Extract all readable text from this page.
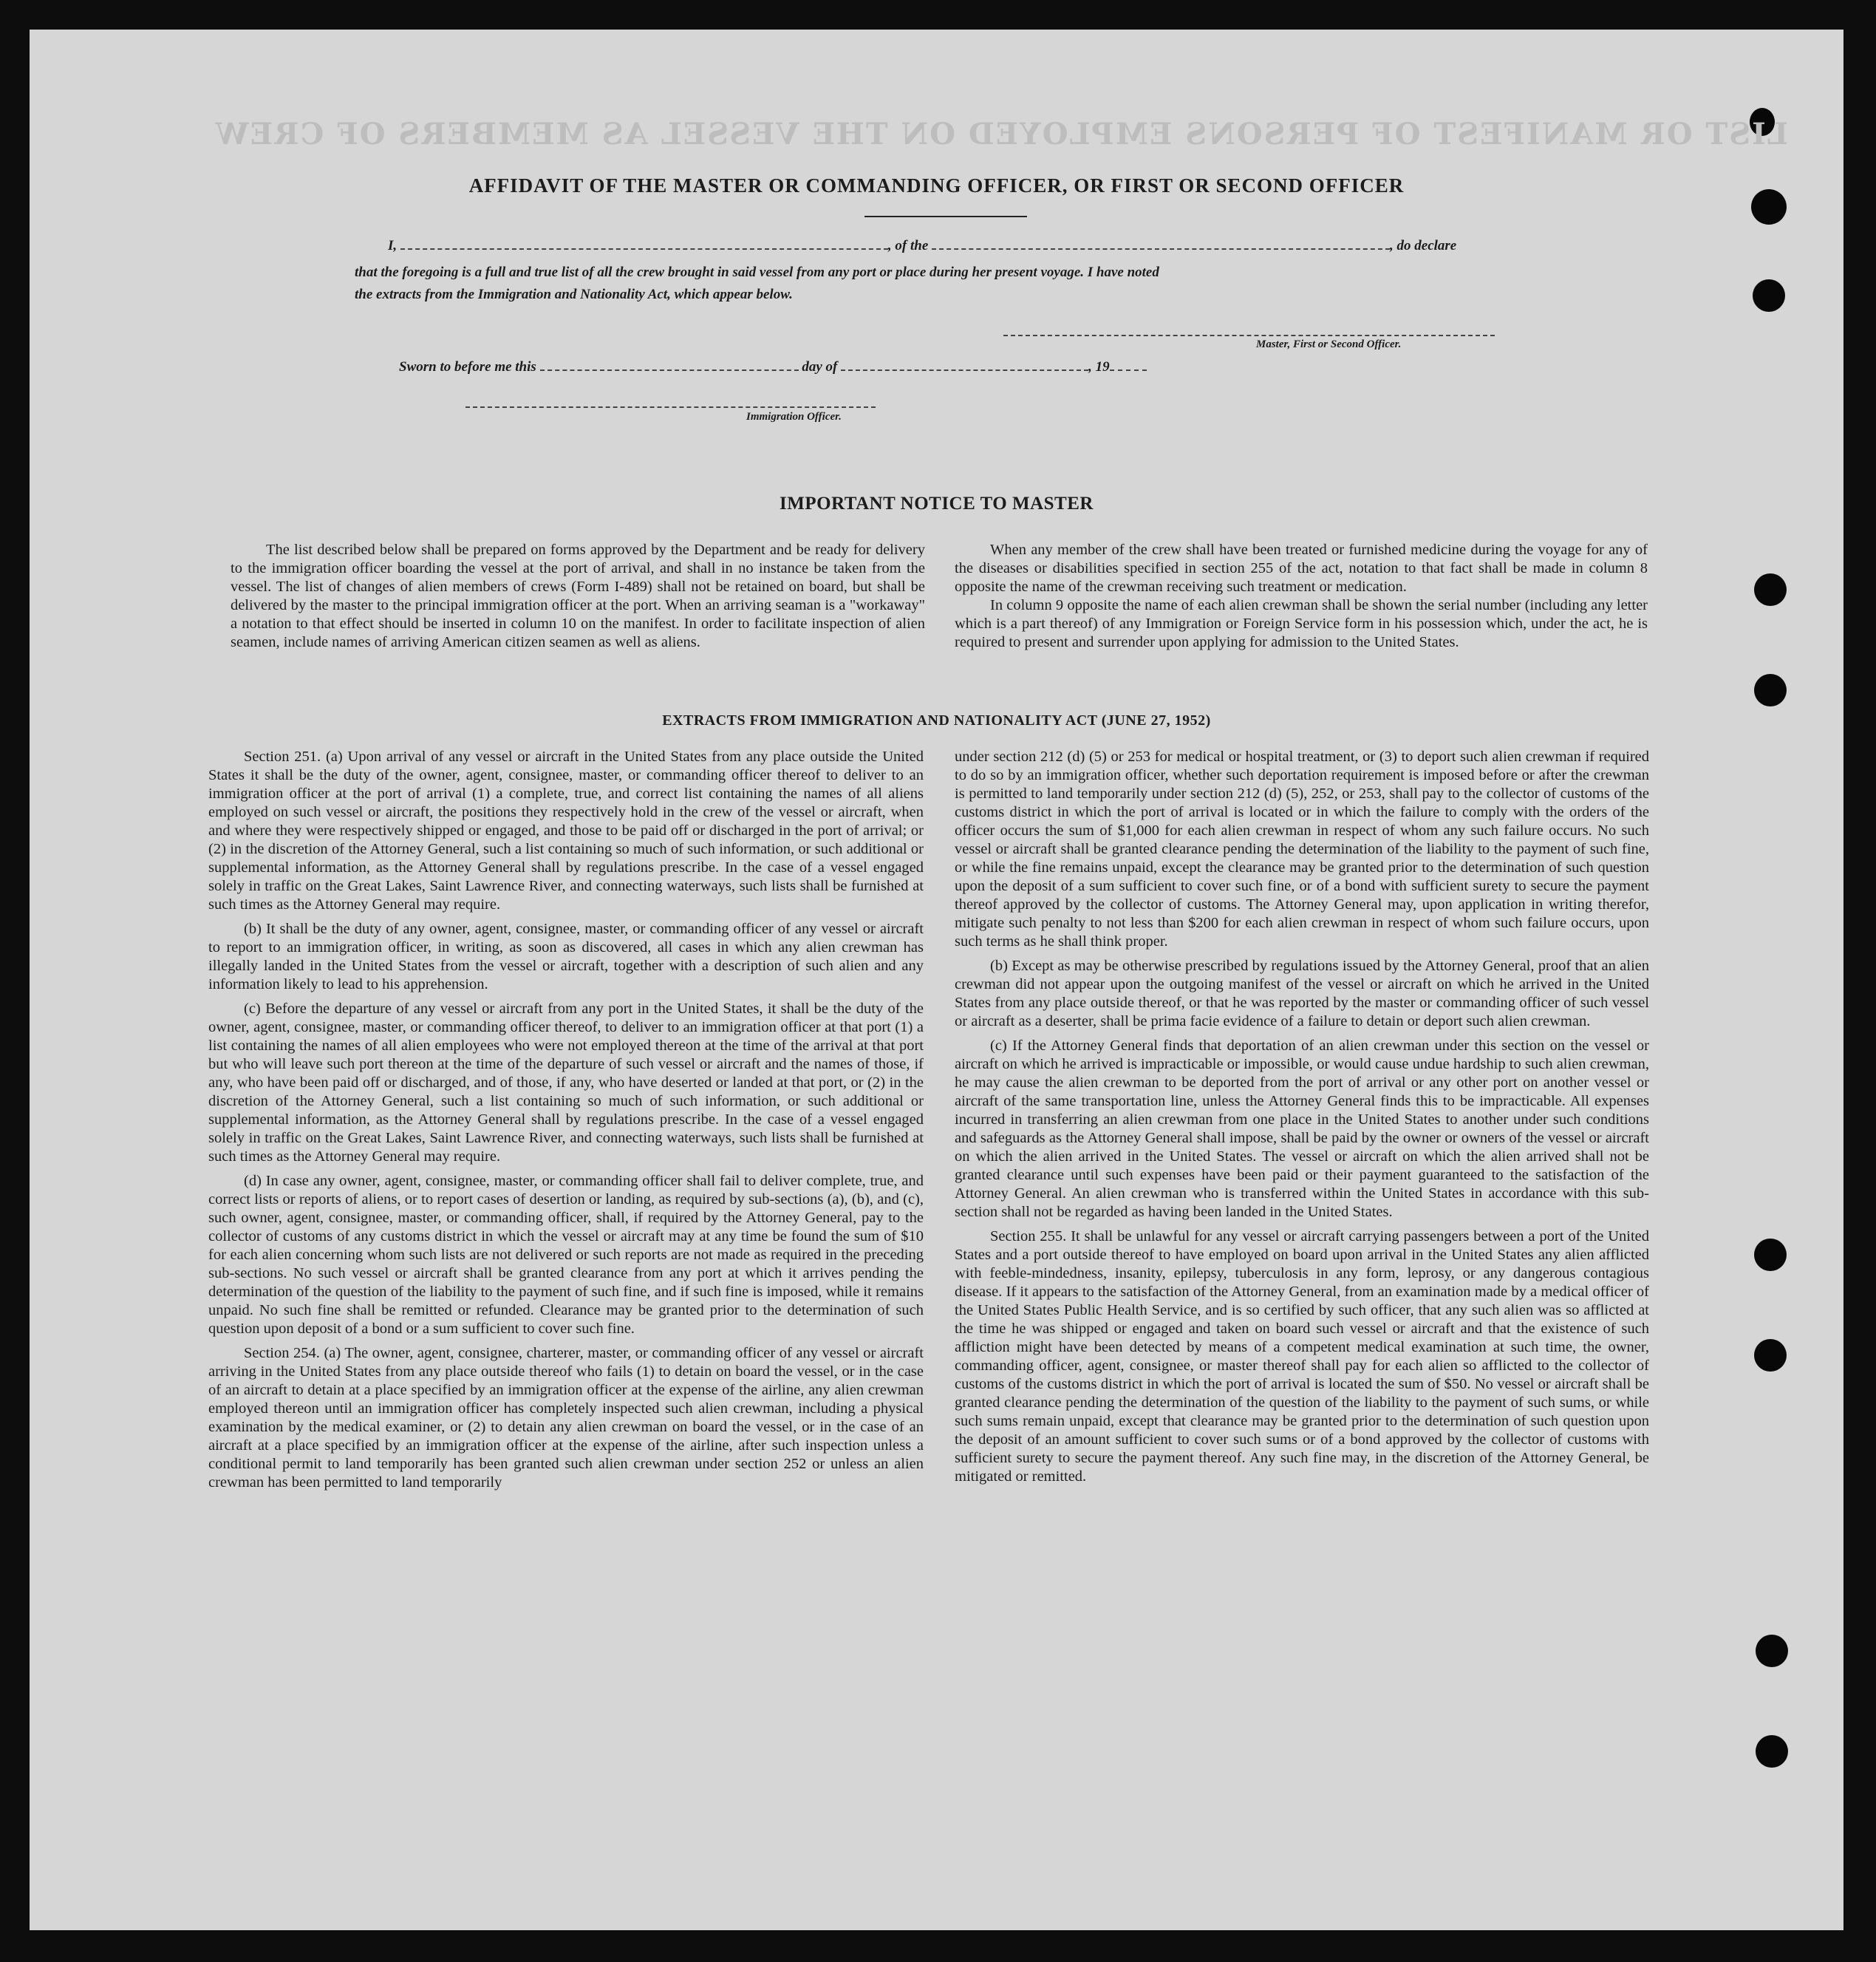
LIST OR MANIFEST OF PERSONS EMPLOYED ON THE VESSEL AS MEMBERS OF CREW
AFFIDAVIT OF THE MASTER OR COMMANDING OFFICER, OR FIRST OR SECOND OFFICER
I,	, of the	, do declare
that the foregoing is a full and true list of all the crew brought in said vessel from any port or place during her present voyage. I have noted
the extracts from the Immigration and Nationality Act, which appear below.
Master, First or Second Officer.
Sworn to before me this	day of	, 19
Immigration Officer.
IMPORTANT NOTICE TO MASTER

The list described below shall be prepared on forms approved by the Department and be ready for delivery to the immigration officer boarding the vessel at the port of arrival, and shall in no instance be taken from the vessel. The list of changes of alien members of crews (Form I-489) shall not be retained on board, but shall be delivered by the master to the principal immigration officer at the port. When an arriving seaman is a "workaway" a notation to that effect should be inserted in column 10 on the manifest. In order to facilitate inspection of alien seamen, include names of arriving American citizen seamen as well as aliens.

When any member of the crew shall have been treated or furnished medicine during the voyage for any of the diseases or disabilities specified in section 255 of the act, notation to that fact shall be made in column 8 opposite the name of the crewman receiving such treatment or medication.

In column 9 opposite the name of each alien crewman shall be shown the serial number (including any letter which is a part thereof) of any Immigration or Foreign Service form in his possession which, under the act, he is required to present and surrender upon applying for admission to the United States.

EXTRACTS FROM IMMIGRATION AND NATIONALITY ACT (JUNE 27, 1952)

Section 251. (a) Upon arrival of any vessel or aircraft in the United States from any place outside the United States it shall be the duty of the owner, agent, consignee, master, or commanding officer thereof to deliver to an immigration officer at the port of arrival (1) a complete, true, and correct list containing the names of all aliens employed on such vessel or aircraft, the positions they respectively hold in the crew of the vessel or aircraft, when and where they were respectively shipped or engaged, and those to be paid off or discharged in the port of arrival; or (2) in the discretion of the Attorney General, such a list containing so much of such information, or such additional or supplemental information, as the Attorney General shall by regulations prescribe. In the case of a vessel engaged solely in traffic on the Great Lakes, Saint Lawrence River, and connecting waterways, such lists shall be furnished at such times as the Attorney General may require.

(b) It shall be the duty of any owner, agent, consignee, master, or commanding officer of any vessel or aircraft to report to an immigration officer, in writing, as soon as discovered, all cases in which any alien crewman has illegally landed in the United States from the vessel or aircraft, together with a description of such alien and any information likely to lead to his apprehension.

(c) Before the departure of any vessel or aircraft from any port in the United States, it shall be the duty of the owner, agent, consignee, master, or commanding officer thereof, to deliver to an immigration officer at that port (1) a list containing the names of all alien employees who were not employed thereon at the time of the arrival at that port but who will leave such port thereon at the time of the departure of such vessel or aircraft and the names of those, if any, who have been paid off or discharged, and of those, if any, who have deserted or landed at that port, or (2) in the discretion of the Attorney General, such a list containing so much of such information, or such additional or supplemental information, as the Attorney General shall by regulations prescribe. In the case of a vessel engaged solely in traffic on the Great Lakes, Saint Lawrence River, and connecting waterways, such lists shall be furnished at such times as the Attorney General may require.

(d) In case any owner, agent, consignee, master, or commanding officer shall fail to deliver complete, true, and correct lists or reports of aliens, or to report cases of desertion or landing, as required by sub-sections (a), (b), and (c), such owner, agent, consignee, master, or commanding officer, shall, if required by the Attorney General, pay to the collector of customs of any customs district in which the vessel or aircraft may at any time be found the sum of $10 for each alien concerning whom such lists are not delivered or such reports are not made as required in the preceding sub-sections. No such vessel or aircraft shall be granted clearance from any port at which it arrives pending the determination of the question of the liability to the payment of such fine, and if such fine is imposed, while it remains unpaid. No such fine shall be remitted or refunded. Clearance may be granted prior to the determination of such question upon deposit of a bond or a sum sufficient to cover such fine.

Section 254. (a) The owner, agent, consignee, charterer, master, or commanding officer of any vessel or aircraft arriving in the United States from any place outside thereof who fails (1) to detain on board the vessel, or in the case of an aircraft to detain at a place specified by an immigration officer at the expense of the airline, any alien crewman employed thereon until an immigration officer has completely inspected such alien crewman, including a physical examination by the medical examiner, or (2) to detain any alien crewman on board the vessel, or in the case of an aircraft at a place specified by an immigration officer at the expense of the airline, after such inspection unless a conditional permit to land temporarily has been granted such alien crewman under section 252 or unless an alien crewman has been permitted to land temporarily

under section 212 (d) (5) or 253 for medical or hospital treatment, or (3) to deport such alien crewman if required to do so by an immigration officer, whether such deportation requirement is imposed before or after the crewman is permitted to land temporarily under section 212 (d) (5), 252, or 253, shall pay to the collector of customs of the customs district in which the port of arrival is located or in which the failure to comply with the orders of the officer occurs the sum of $1,000 for each alien crewman in respect of whom any such failure occurs. No such vessel or aircraft shall be granted clearance pending the determination of the liability to the payment of such fine, or while the fine remains unpaid, except the clearance may be granted prior to the determination of such question upon the deposit of a sum sufficient to cover such fine, or of a bond with sufficient surety to secure the payment thereof approved by the collector of customs. The Attorney General may, upon application in writing therefor, mitigate such penalty to not less than $200 for each alien crewman in respect of whom such failure occurs, upon such terms as he shall think proper.

(b) Except as may be otherwise prescribed by regulations issued by the Attorney General, proof that an alien crewman did not appear upon the outgoing manifest of the vessel or aircraft on which he arrived in the United States from any place outside thereof, or that he was reported by the master or commanding officer of such vessel or aircraft as a deserter, shall be prima facie evidence of a failure to detain or deport such alien crewman.

(c) If the Attorney General finds that deportation of an alien crewman under this section on the vessel or aircraft on which he arrived is impracticable or impossible, or would cause undue hardship to such alien crewman, he may cause the alien crewman to be deported from the port of arrival or any other port on another vessel or aircraft of the same transportation line, unless the Attorney General finds this to be impracticable. All expenses incurred in transferring an alien crewman from one place in the United States to another under such conditions and safeguards as the Attorney General shall impose, shall be paid by the owner or owners of the vessel or aircraft on which the alien arrived in the United States. The vessel or aircraft on which the alien arrived shall not be granted clearance until such expenses have been paid or their payment guaranteed to the satisfaction of the Attorney General. An alien crewman who is transferred within the United States in accordance with this sub-section shall not be regarded as having been landed in the United States.

Section 255. It shall be unlawful for any vessel or aircraft carrying passengers between a port of the United States and a port outside thereof to have employed on board upon arrival in the United States any alien afflicted with feeble-mindedness, insanity, epilepsy, tuberculosis in any form, leprosy, or any dangerous contagious disease. If it appears to the satisfaction of the Attorney General, from an examination made by a medical officer of the United States Public Health Service, and is so certified by such officer, that any such alien was so afflicted at the time he was shipped or engaged and taken on board such vessel or aircraft and that the existence of such affliction might have been detected by means of a competent medical examination at such time, the owner, commanding officer, agent, consignee, or master thereof shall pay for each alien so afflicted to the collector of customs of the customs district in which the port of arrival is located the sum of $50. No vessel or aircraft shall be granted clearance pending the determination of the question of the liability to the payment of such sums, or while such sums remain unpaid, except that clearance may be granted prior to the determination of such question upon the deposit of an amount sufficient to cover such sums or of a bond approved by the collector of customs with sufficient surety to secure the payment thereof. Any such fine may, in the discretion of the Attorney General, be mitigated or remitted.
